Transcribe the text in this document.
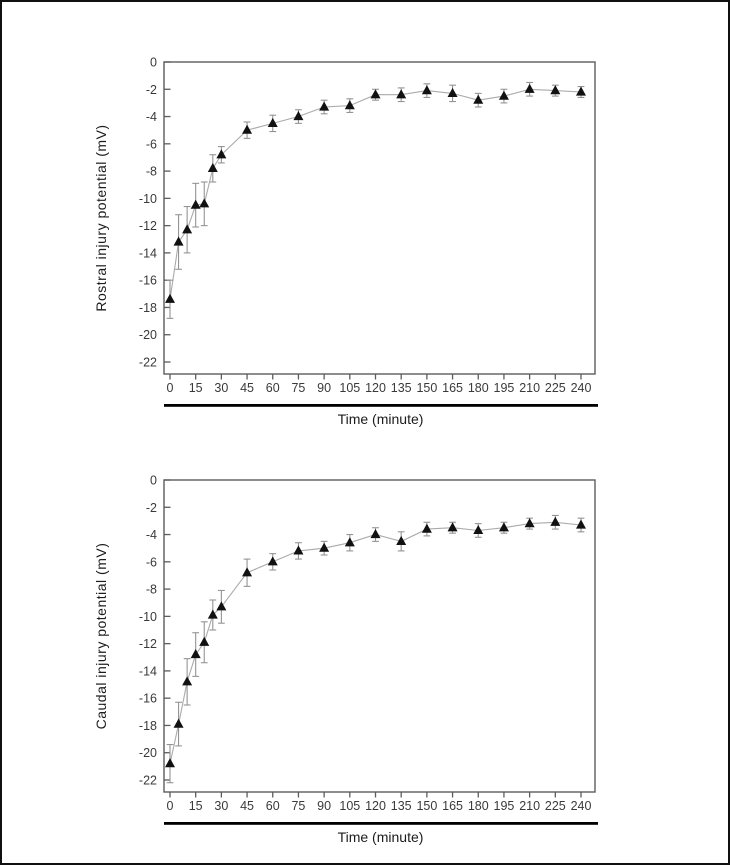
0
-2
-4
-6
-8
-10
-12
-14
-16
-18
-20
-22
0 15 30 45 60 75 90 105 120 135 150 165 180 195 210 225 240
Rostral injury potential (mV)
Time (minute)
0
-2
-4
-6
-8
-10
-12
-14
-16
-18
-20
-22
0 15 30 45 60 75 90 105 120 135 150 165 180 195 210 225 240
Caudal injury potential (mV)
Time (minute)
